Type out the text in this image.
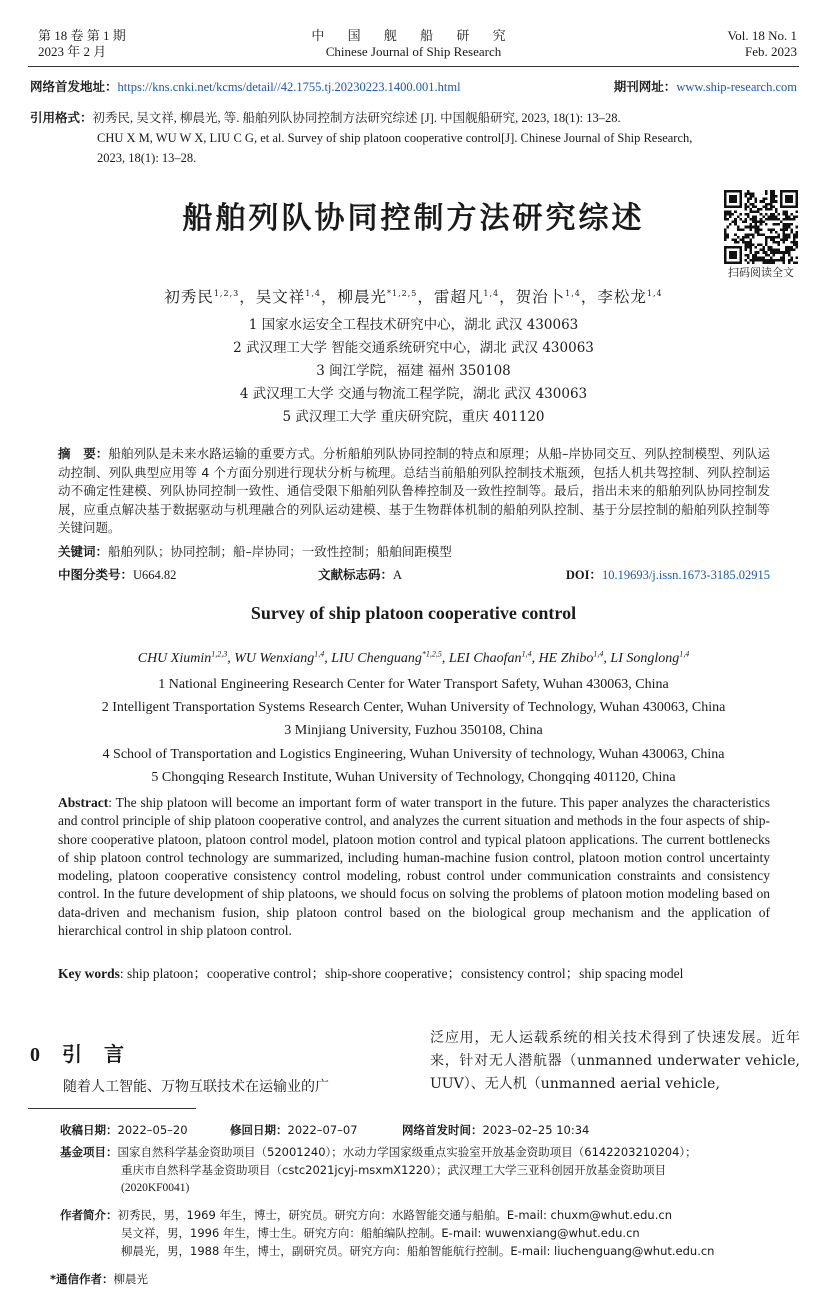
第 18 卷 第 1 期
2023 年 2 月
中 国 舰 船 研 究
Chinese Journal of Ship Research
Vol. 18 No. 1
Feb. 2023
网络首发地址：https://kns.cnki.net/kcms/detail//42.1755.tj.20230223.1400.001.html	期刊网址：www.ship-research.com
引用格式：初秀民, 吴文祥, 柳晨光, 等. 船舶列队协同控制方法研究综述 [J]. 中国舰船研究, 2023, 18(1): 13–28.
CHU X M, WU W X, LIU C G, et al. Survey of ship platoon cooperative control[J]. Chinese Journal of Ship Research,
2023, 18(1): 13–28.
船舶列队协同控制方法研究综述
扫码阅读全文
初秀民$^{1,2,3}$，吴文祥$^{1,4}$，柳晨光$^{*1,2,5}$，雷超凡$^{1,4}$，贺治卜$^{1,4}$，李松龙$^{1,4}$
1 国家水运安全工程技术研究中心，湖北 武汉 430063
2 武汉理工大学 智能交通系统研究中心，湖北 武汉 430063
3 闽江学院，福建 福州 350108
4 武汉理工大学 交通与物流工程学院，湖北 武汉 430063
5 武汉理工大学 重庆研究院，重庆 401120
摘　要：船舶列队是未来水路运输的重要方式。分析船舶列队协同控制的特点和原理；从船–岸协同交互、列队控制模型、列队运动控制、列队典型应用等 4 个方面分别进行现状分析与梳理。总结当前船舶列队控制技术瓶颈，包括人机共驾控制、列队控制运动不确定性建模、列队协同控制一致性、通信受限下船舶列队鲁棒控制及一致性控制等。最后，指出未来的船舶列队协同控制发展，应重点解决基于数据驱动与机理融合的列队运动建模、基于生物群体机制的船舶列队控制、基于分层控制的船舶列队控制等关键问题。
关键词：船舶列队；协同控制；船–岸协同；一致性控制；船舶间距模型
中图分类号：U664.82	文献标志码：A	DOI：10.19693/j.issn.1673-3185.02915
Survey of ship platoon cooperative control
CHU Xiumin$^{1,2,3}$, WU Wenxiang$^{1,4}$, LIU Chenguang$^{*1,2,5}$, LEI Chaofan$^{1,4}$, HE Zhibo$^{1,4}$, LI Songlong$^{1,4}$
1 National Engineering Research Center for Water Transport Safety, Wuhan 430063, China
2 Intelligent Transportation Systems Research Center, Wuhan University of Technology, Wuhan 430063, China
3 Minjiang University, Fuzhou 350108, China
4 School of Transportation and Logistics Engineering, Wuhan University of technology, Wuhan 430063, China
5 Chongqing Research Institute, Wuhan University of Technology, Chongqing 401120, China
Abstract: The ship platoon will become an important form of water transport in the future. This paper analyzes the characteristics and control principle of ship platoon cooperative control, and analyzes the current situation and methods in the four aspects of ship-shore cooperative platoon, platoon control model, platoon motion control and typical platoon applications. The current bottlenecks of ship platoon control technology are summarized, including human-machine fusion control, platoon motion control uncertainty modeling, platoon cooperative consistency control modeling, robust control under communication constraints and consistency control. In the future development of ship platoons, we should focus on solving the problems of platoon motion modeling based on data-driven and mechanism fusion, ship platoon control based on the biological group mechanism and the application of hierarchical control in ship platoon control.
Key words: ship platoon；cooperative control；ship-shore cooperative；consistency control；ship spacing model
0 引言
随着人工智能、万物互联技术在运输业的广
泛应用，无人运载系统的相关技术得到了快速发展。近年来，针对无人潜航器（unmanned underwater vehicle, UUV）、无人机（unmanned aerial vehicle,
收稿日期：2022–05–20	修回日期：2022–07–07	网络首发时间：2023–02–25 10:34
基金项目：国家自然科学基金资助项目（52001240）；水动力学国家级重点实验室开放基金资助项目（6142203210204）；
重庆市自然科学基金资助项目（cstc2021jcyj-msxmX1220）；武汉理工大学三亚科创园开放基金资助项目
(2020KF0041)
作者简介：初秀民，男，1969 年生，博士，研究员。研究方向：水路智能交通与船舶。E-mail: chuxm@whut.edu.cn
吴文祥，男，1996 年生，博士生。研究方向：船舶编队控制。E-mail: wuwenxiang@whut.edu.cn
柳晨光，男，1988 年生，博士，副研究员。研究方向：船舶智能航行控制。E-mail: liuchenguang@whut.edu.cn
*通信作者：柳晨光
